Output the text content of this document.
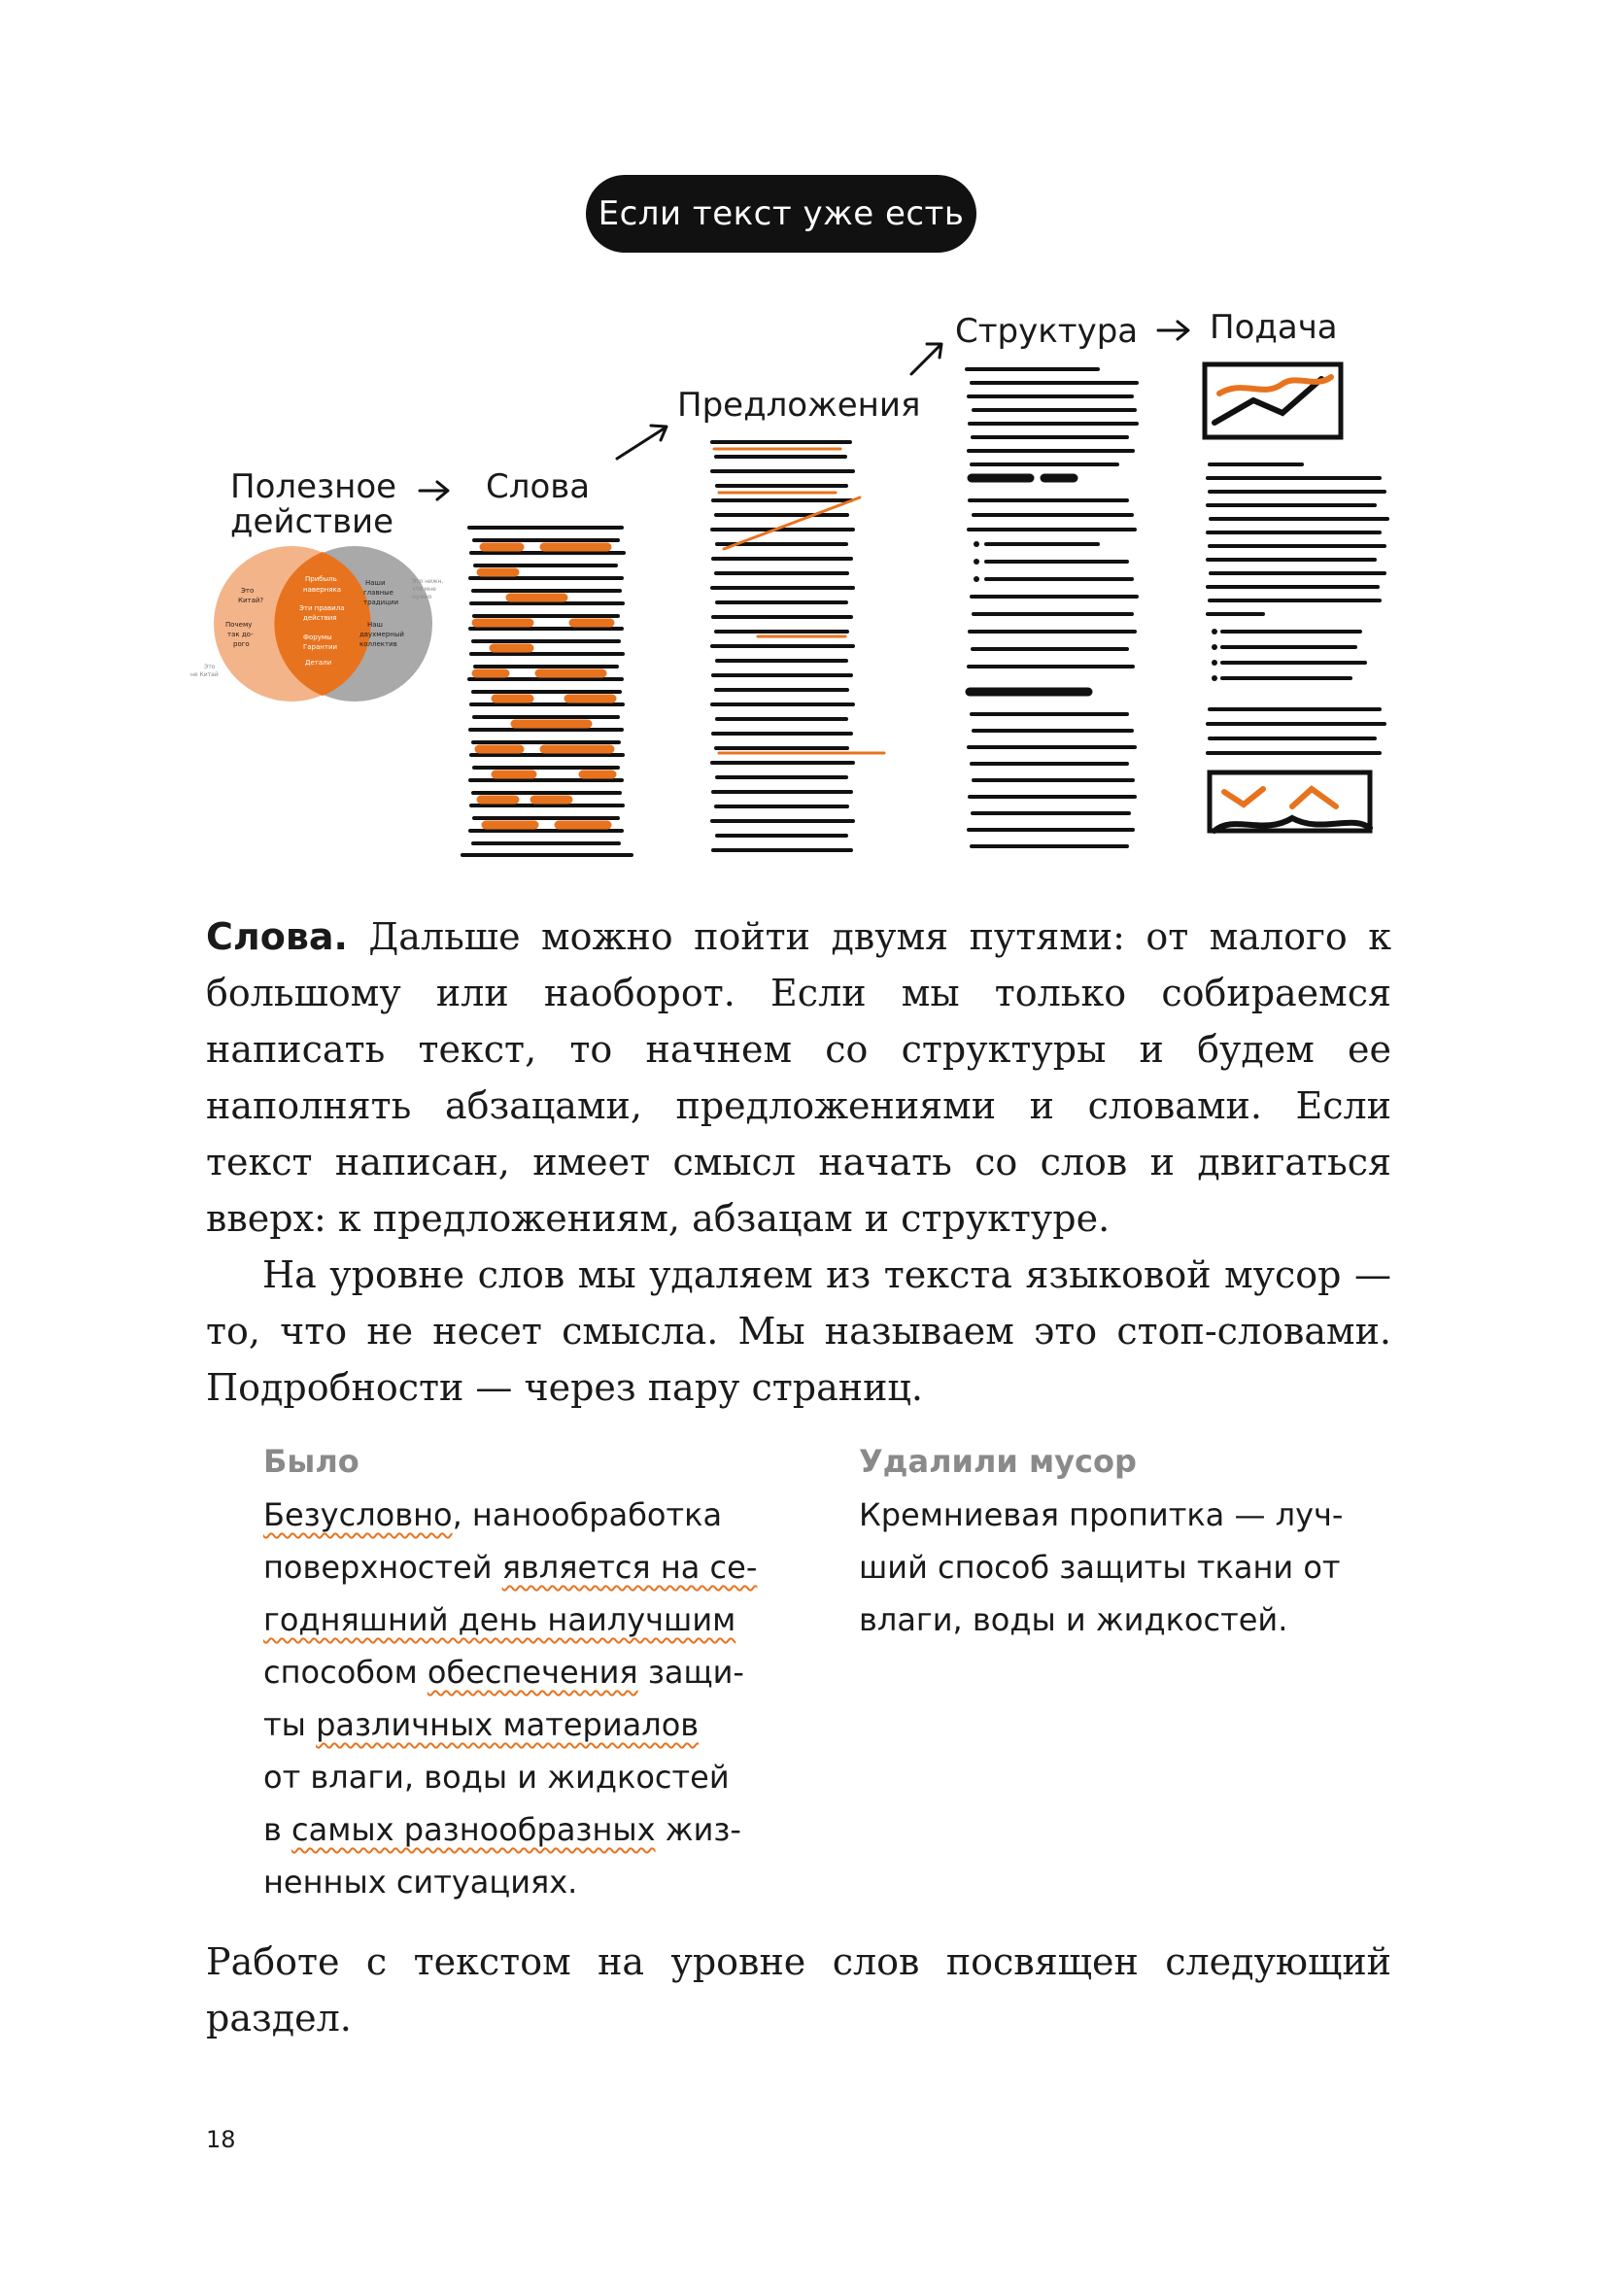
Полезное
действие
Слова
Предложения
Структура Подача
Это
Китай?
Почему
так до-
рого
Прибыль
наверняка
Эти правила
действия
Форумы
Гарантии
Детали
Наши
главные
традиции
Наш
двухмерный
коллектив
Это нижн.
что мне
нужно
Это
не Китай
Если текст уже есть

Слова. Дальше можно пойти двумя путями: от малого к большому или наоборот. Если мы только собираемся написать текст, то начнем со структуры и будем ее наполнять абзацами, предложениями и словами. Если текст написан, имеет смысл начать со слов и двигаться вверх: к предложениям, абзацам и структуре.

На уровне слов мы удаляем из текста языковой мусор — то, что не несет смысла. Мы называем это стоп-словами. Подробности — через пару страниц.

Было

Безусловно, нанообработка
поверхностей является на се-
годняшний день наилучшим
способом обеспечения защи-
ты различных материалов
от влаги, воды и жидкостей
в самых разнообразных жиз-
ненных ситуациях.

Удалили мусор

Кремниевая пропитка — луч-
ший способ защиты ткани от
влаги, воды и жидкостей.

Работе с текстом на уровне слов посвящен следующий раздел.

18
